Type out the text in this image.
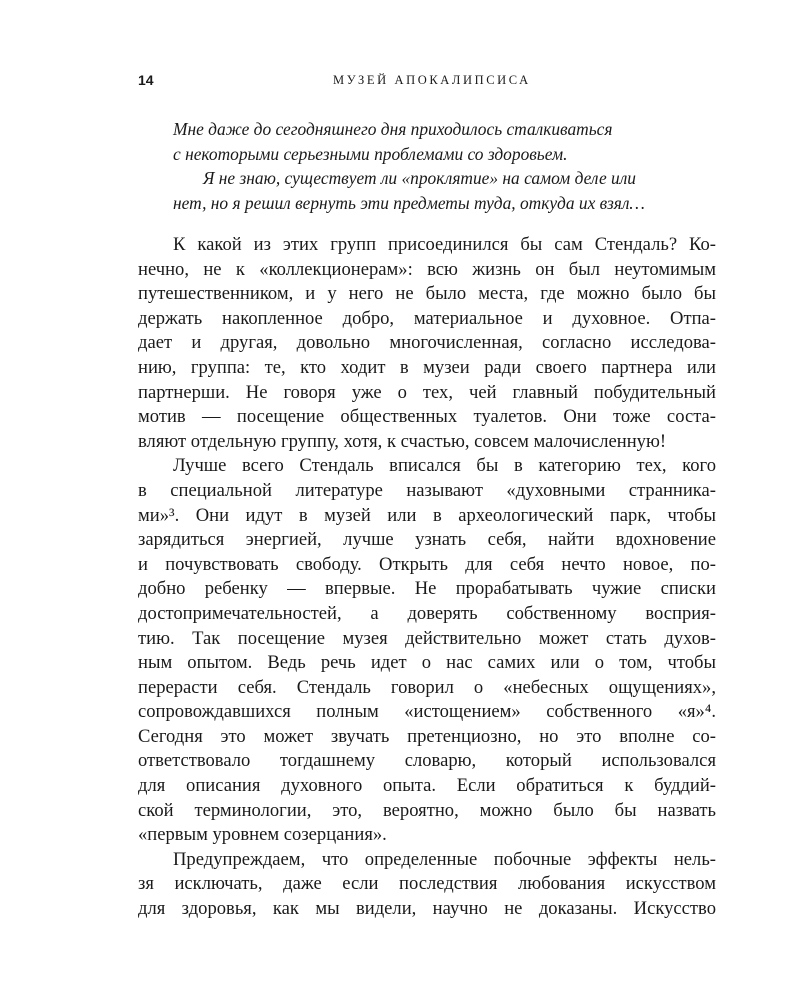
14	МУЗЕЙ АПОКАЛИПСИСА
Мне даже до сегодняшнего дня приходилось сталкиваться
с некоторыми серьезными проблемами со здоровьем.
Я не знаю, существует ли «проклятие» на самом деле или
нет, но я решил вернуть эти предметы туда, откуда их взял…
К какой из этих групп присоединился бы сам Стендаль? Ко-
нечно, не к «коллекционерам»: всю жизнь он был неутомимым
путешественником, и у него не было места, где можно было бы
держать накопленное добро, материальное и духовное. Отпа-
дает и другая, довольно многочисленная, согласно исследова-
нию, группа: те, кто ходит в музеи ради своего партнера или
партнерши. Не говоря уже о тех, чей главный побудительный
мотив — посещение общественных туалетов. Они тоже соста-
вляют отдельную группу, хотя, к счастью, совсем малочисленную!
Лучше всего Стендаль вписался бы в категорию тех, кого
в специальной литературе называют «духовными странника-
ми»³. Они идут в музей или в археологический парк, чтобы
зарядиться энергией, лучше узнать себя, найти вдохновение
и почувствовать свободу. Открыть для себя нечто новое, по-
добно ребенку — впервые. Не прорабатывать чужие списки
достопримечательностей, а доверять собственному восприя-
тию. Так посещение музея действительно может стать духов-
ным опытом. Ведь речь идет о нас самих или о том, чтобы
перерасти себя. Стендаль говорил о «небесных ощущениях»,
сопровождавшихся полным «истощением» собственного «я»⁴.
Сегодня это может звучать претенциозно, но это вполне со-
ответствовало тогдашнему словарю, который использовался
для описания духовного опыта. Если обратиться к буддий-
ской терминологии, это, вероятно, можно было бы назвать
«первым уровнем созерцания».
Предупреждаем, что определенные побочные эффекты нель-
зя исключать, даже если последствия любования искусством
для здоровья, как мы видели, научно не доказаны. Искусство
